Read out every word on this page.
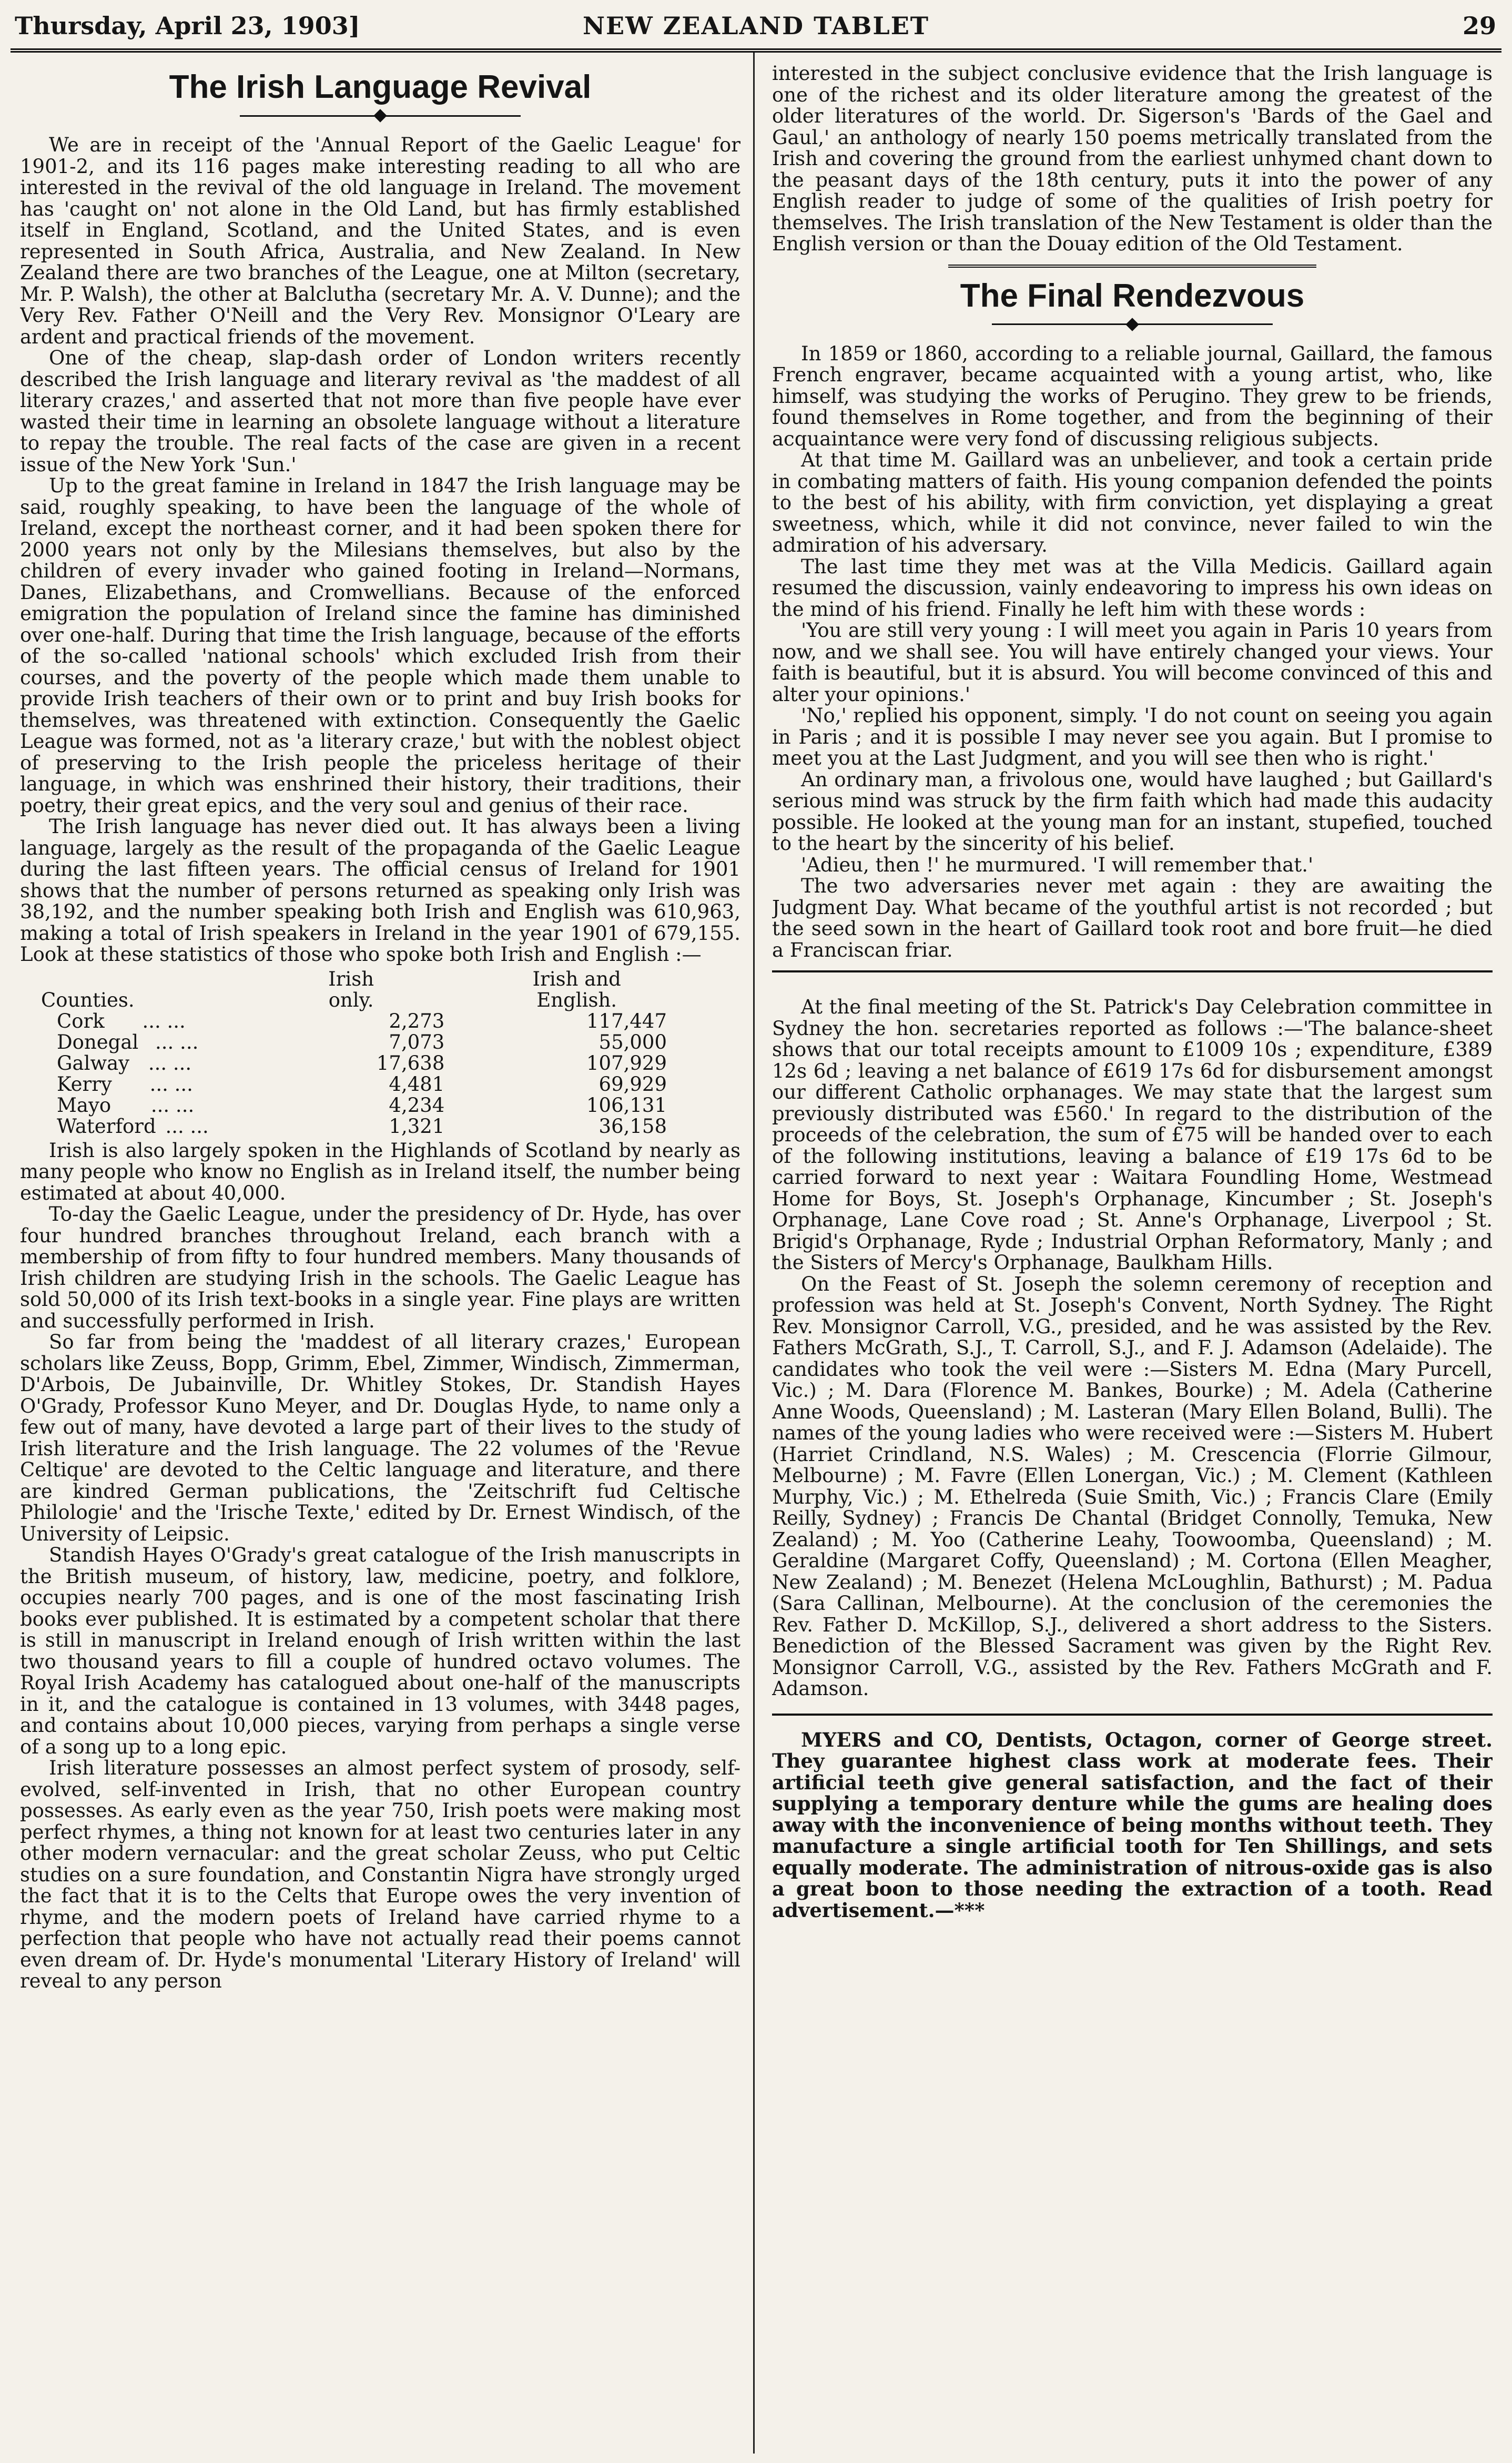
Thursday, April 23, 1903]	NEW ZEALAND TABLET	29
The Irish Language Revival

We are in receipt of the 'Annual Report of the Gaelic League' for 1901-2, and its 116 pages make interesting reading to all who are interested in the revival of the old language in Ireland. The movement has 'caught on' not alone in the Old Land, but has firmly established itself in England, Scotland, and the United States, and is even represented in South Africa, Australia, and New Zealand. In New Zealand there are two branches of the League, one at Milton (secretary, Mr. P. Walsh), the other at Balclutha (secretary Mr. A. V. Dunne); and the Very Rev. Father O'Neill and the Very Rev. Monsignor O'Leary are ardent and practical friends of the movement.

One of the cheap, slap-dash order of London writers recently described the Irish language and literary revival as 'the maddest of all literary crazes,' and asserted that not more than five people have ever wasted their time in learning an obsolete language without a literature to repay the trouble. The real facts of the case are given in a recent issue of the New York 'Sun.'

Up to the great famine in Ireland in 1847 the Irish language may be said, roughly speaking, to have been the language of the whole of Ireland, except the northeast corner, and it had been spoken there for 2000 years not only by the Milesians themselves, but also by the children of every invader who gained footing in Ireland—Normans, Danes, Elizabethans, and Cromwellians. Because of the enforced emigration the population of Ireland since the famine has diminished over one-half. During that time the Irish language, because of the efforts of the so-called 'national schools' which excluded Irish from their courses, and the poverty of the people which made them unable to provide Irish teachers of their own or to print and buy Irish books for themselves, was threatened with extinction. Consequently the Gaelic League was formed, not as 'a literary craze,' but with the noblest object of preserving to the Irish people the priceless heritage of their language, in which was enshrined their history, their traditions, their poetry, their great epics, and the very soul and genius of their race.

The Irish language has never died out. It has always been a living language, largely as the result of the propaganda of the Gaelic League during the last fifteen years. The official census of Ireland for 1901 shows that the number of persons returned as speaking only Irish was 38,192, and the number speaking both Irish and English was 610,963, making a total of Irish speakers in Ireland in the year 1901 of 679,155. Look at these statistics of those who spoke both Irish and English :—

	Irish	Irish and
Counties.	only.	English.
Cork ... ...	2,273	117,447
Donegal ... ...	7,073	55,000
Galway ... ...	17,638	107,929
Kerry ... ...	4,481	69,929
Mayo ... ...	4,234	106,131
Waterford ... ...	1,321	36,158

Irish is also largely spoken in the Highlands of Scotland by nearly as many people who know no English as in Ireland itself, the number being estimated at about 40,000.

To-day the Gaelic League, under the presidency of Dr. Hyde, has over four hundred branches throughout Ireland, each branch with a membership of from fifty to four hundred members. Many thousands of Irish children are studying Irish in the schools. The Gaelic League has sold 50,000 of its Irish text-books in a single year. Fine plays are written and successfully performed in Irish.

So far from being the 'maddest of all literary crazes,' European scholars like Zeuss, Bopp, Grimm, Ebel, Zimmer, Windisch, Zimmerman, D'Arbois, De Jubainville, Dr. Whitley Stokes, Dr. Standish Hayes O'Grady, Professor Kuno Meyer, and Dr. Douglas Hyde, to name only a few out of many, have devoted a large part of their lives to the study of Irish literature and the Irish language. The 22 volumes of the 'Revue Celtique' are devoted to the Celtic language and literature, and there are kindred German publications, the 'Zeitschrift fud Celtische Philologie' and the 'Irische Texte,' edited by Dr. Ernest Windisch, of the University of Leipsic.

Standish Hayes O'Grady's great catalogue of the Irish manuscripts in the British museum, of history, law, medicine, poetry, and folklore, occupies nearly 700 pages, and is one of the most fascinating Irish books ever published. It is estimated by a competent scholar that there is still in manuscript in Ireland enough of Irish written within the last two thousand years to fill a couple of hundred octavo volumes. The Royal Irish Academy has catalogued about one-half of the manuscripts in it, and the catalogue is contained in 13 volumes, with 3448 pages, and contains about 10,000 pieces, varying from perhaps a single verse of a song up to a long epic.

Irish literature possesses an almost perfect system of prosody, self-evolved, self-invented in Irish, that no other European country possesses. As early even as the year 750, Irish poets were making most perfect rhymes, a thing not known for at least two centuries later in any other modern vernacular: and the great scholar Zeuss, who put Celtic studies on a sure foundation, and Constantin Nigra have strongly urged the fact that it is to the Celts that Europe owes the very invention of rhyme, and the modern poets of Ireland have carried rhyme to a perfection that people who have not actually read their poems cannot even dream of. Dr. Hyde's monumental 'Literary History of Ireland' will reveal to any person

interested in the subject conclusive evidence that the Irish language is one of the richest and its older literature among the greatest of the older literatures of the world. Dr. Sigerson's 'Bards of the Gael and Gaul,' an anthology of nearly 150 poems metrically translated from the Irish and covering the ground from the earliest unhymed chant down to the peasant days of the 18th century, puts it into the power of any English reader to judge of some of the qualities of Irish poetry for themselves. The Irish translation of the New Testament is older than the English version or than the Douay edition of the Old Testament.

The Final Rendezvous

In 1859 or 1860, according to a reliable journal, Gaillard, the famous French engraver, became acquainted with a young artist, who, like himself, was studying the works of Perugino. They grew to be friends, found themselves in Rome together, and from the beginning of their acquaintance were very fond of discussing religious subjects.

At that time M. Gaillard was an unbeliever, and took a certain pride in combating matters of faith. His young companion defended the points to the best of his ability, with firm conviction, yet displaying a great sweetness, which, while it did not convince, never failed to win the admiration of his adversary.

The last time they met was at the Villa Medicis. Gaillard again resumed the discussion, vainly endeavoring to impress his own ideas on the mind of his friend. Finally he left him with these words :

'You are still very young : I will meet you again in Paris 10 years from now, and we shall see. You will have entirely changed your views. Your faith is beautiful, but it is absurd. You will become convinced of this and alter your opinions.'

'No,' replied his opponent, simply. 'I do not count on seeing you again in Paris ; and it is possible I may never see you again. But I promise to meet you at the Last Judgment, and you will see then who is right.'

An ordinary man, a frivolous one, would have laughed ; but Gaillard's serious mind was struck by the firm faith which had made this audacity possible. He looked at the young man for an instant, stupefied, touched to the heart by the sincerity of his belief.

'Adieu, then !' he murmured. 'I will remember that.'

The two adversaries never met again : they are awaiting the Judgment Day. What became of the youthful artist is not recorded ; but the seed sown in the heart of Gaillard took root and bore fruit—he died a Franciscan friar.

At the final meeting of the St. Patrick's Day Celebration committee in Sydney the hon. secretaries reported as follows :—'The balance-sheet shows that our total receipts amount to £1009 10s ; expenditure, £389 12s 6d ; leaving a net balance of £619 17s 6d for disbursement amongst our different Catholic orphanages. We may state that the largest sum previously distributed was £560.' In regard to the distribution of the proceeds of the celebration, the sum of £75 will be handed over to each of the following institutions, leaving a balance of £19 17s 6d to be carried forward to next year : Waitara Foundling Home, Westmead Home for Boys, St. Joseph's Orphanage, Kincumber ; St. Joseph's Orphanage, Lane Cove road ; St. Anne's Orphanage, Liverpool ; St. Brigid's Orphanage, Ryde ; Industrial Orphan Reformatory, Manly ; and the Sisters of Mercy's Orphanage, Baulkham Hills.

On the Feast of St. Joseph the solemn ceremony of reception and profession was held at St. Joseph's Convent, North Sydney. The Right Rev. Monsignor Carroll, V.G., presided, and he was assisted by the Rev. Fathers McGrath, S.J., T. Carroll, S.J., and F. J. Adamson (Adelaide). The candidates who took the veil were :—Sisters M. Edna (Mary Purcell, Vic.) ; M. Dara (Florence M. Bankes, Bourke) ; M. Adela (Catherine Anne Woods, Queensland) ; M. Lasteran (Mary Ellen Boland, Bulli). The names of the young ladies who were received were :—Sisters M. Hubert (Harriet Crindland, N.S. Wales) ; M. Crescencia (Florrie Gilmour, Melbourne) ; M. Favre (Ellen Lonergan, Vic.) ; M. Clement (Kathleen Murphy, Vic.) ; M. Ethelreda (Suie Smith, Vic.) ; Francis Clare (Emily Reilly, Sydney) ; Francis De Chantal (Bridget Connolly, Temuka, New Zealand) ; M. Yoo (Catherine Leahy, Toowoomba, Queensland) ; M. Geraldine (Margaret Coffy, Queensland) ; M. Cortona (Ellen Meagher, New Zealand) ; M. Benezet (Helena McLoughlin, Bathurst) ; M. Padua (Sara Callinan, Melbourne). At the conclusion of the ceremonies the Rev. Father D. McKillop, S.J., delivered a short address to the Sisters. Benediction of the Blessed Sacrament was given by the Right Rev. Monsignor Carroll, V.G., assisted by the Rev. Fathers McGrath and F. Adamson.

MYERS and CO, Dentists, Octagon, corner of George street. They guarantee highest class work at moderate fees. Their artificial teeth give general satisfaction, and the fact of their supplying a temporary denture while the gums are healing does away with the inconvenience of being months without teeth. They manufacture a single artificial tooth for Ten Shillings, and sets equally moderate. The administration of nitrous-oxide gas is also a great boon to those needing the extraction of a tooth. Read advertisement.—***
